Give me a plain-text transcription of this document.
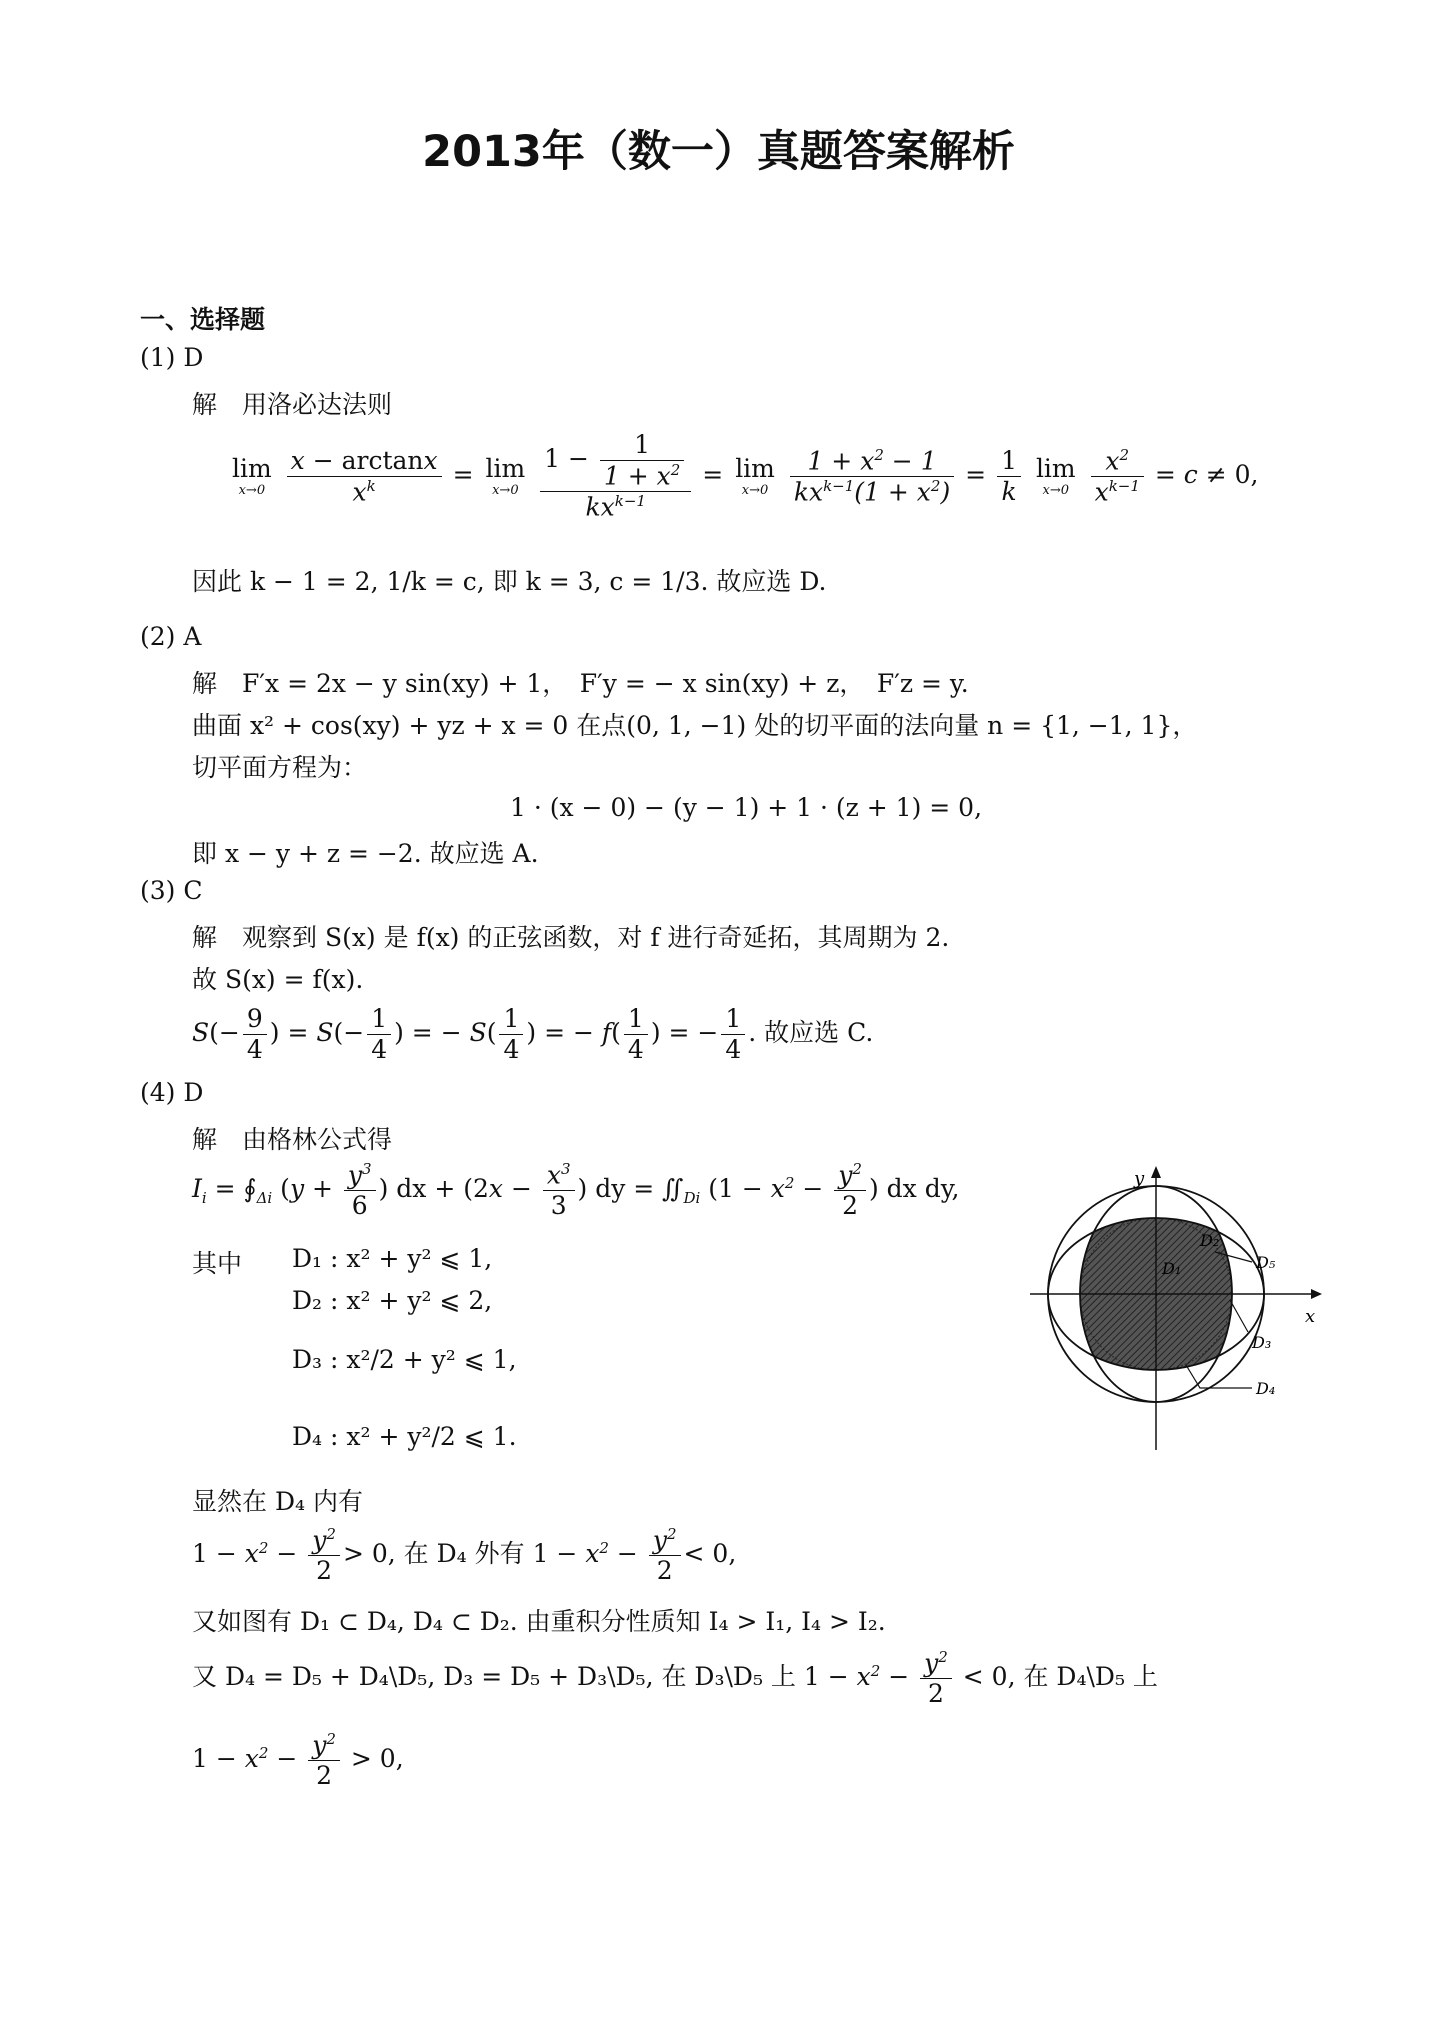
2013年（数一）真题答案解析
一、选择题
(1) D
解　用洛必达法则
lim
x→0
$\frac{x - \arctan x}{x^k} = \lim$
x→0
$\frac{1 - \frac{1}{1 + x^2}}{kx^{k-1}} = \lim$
x→0
$\frac{1 + x^2 - 1}{kx^{k-1}(1 + x^2)} = \frac{1}{k}$
lim
x→0
$\frac{x^2}{x^{k-1}} = c \ne 0$,
因此 k − 1 = 2, 1/k = c, 即 k = 3, c = 1/3. 故应选 D.
(2) A
解　F′x = 2x − y sin(xy) + 1，　F′y = − x sin(xy) + z，　F′z = y.
曲面 x² + cos(xy) + yz + x = 0 在点(0, 1, −1) 处的切平面的法向量 n = {1, −1, 1}，
切平面方程为：
1 · (x − 0) − (y − 1) + 1 · (z + 1) = 0,
即 x − y + z = −2. 故应选 A.
(3) C
解　观察到 S(x) 是 f(x) 的正弦函数，对 f 进行奇延拓，其周期为 2.
故 S(x) = f(x).
$S(- \frac{9}{4}$ ) = $S(- \frac{1}{4}$ ) = − $S( \frac{1}{4}$ ) = − $f( \frac{1}{4}$ ) = − $\frac{1}{4}$ . 故应选 C.
(4) D
解　由格林公式得
$I_i$ = $∮_{\Delta i}$ ($y + \frac{y^3}{6}$ ) dx + ($2x - \frac{x^3}{3}$ ) dy = $∬_{Di}$ ($1 - x^2 - \frac{y^2}{2}$ ) dx dy,
其中 D₁ : x² + y² ⩽ 1,
D₂ : x² + y² ⩽ 2,
D₃ : x²/2 + y² ⩽ 1,
D₄ : x² + y²/2 ⩽ 1.
显然在 D₄ 内有
$1 - x^2 - \frac{y^2}{2} > 0$, 在 D₄ 外有 $1 - x^2 - \frac{y^2}{2} < 0$,
又如图有 D₁ ⊂ D₄, D₄ ⊂ D₂. 由重积分性质知 I₄ > I₁, I₄ > I₂.
又 D₄ = D₅ + D₄\D₅, D₃ = D₅ + D₃\D₅, 在 D₃\D₅ 上 $1 - x^2 - \frac{y^2}{2} < 0$, 在 D₄\D₅ 上
$1 - x^2 - \frac{y^2}{2} > 0$,
y
x
D₁
D₂
D₃
D₄
D₅
